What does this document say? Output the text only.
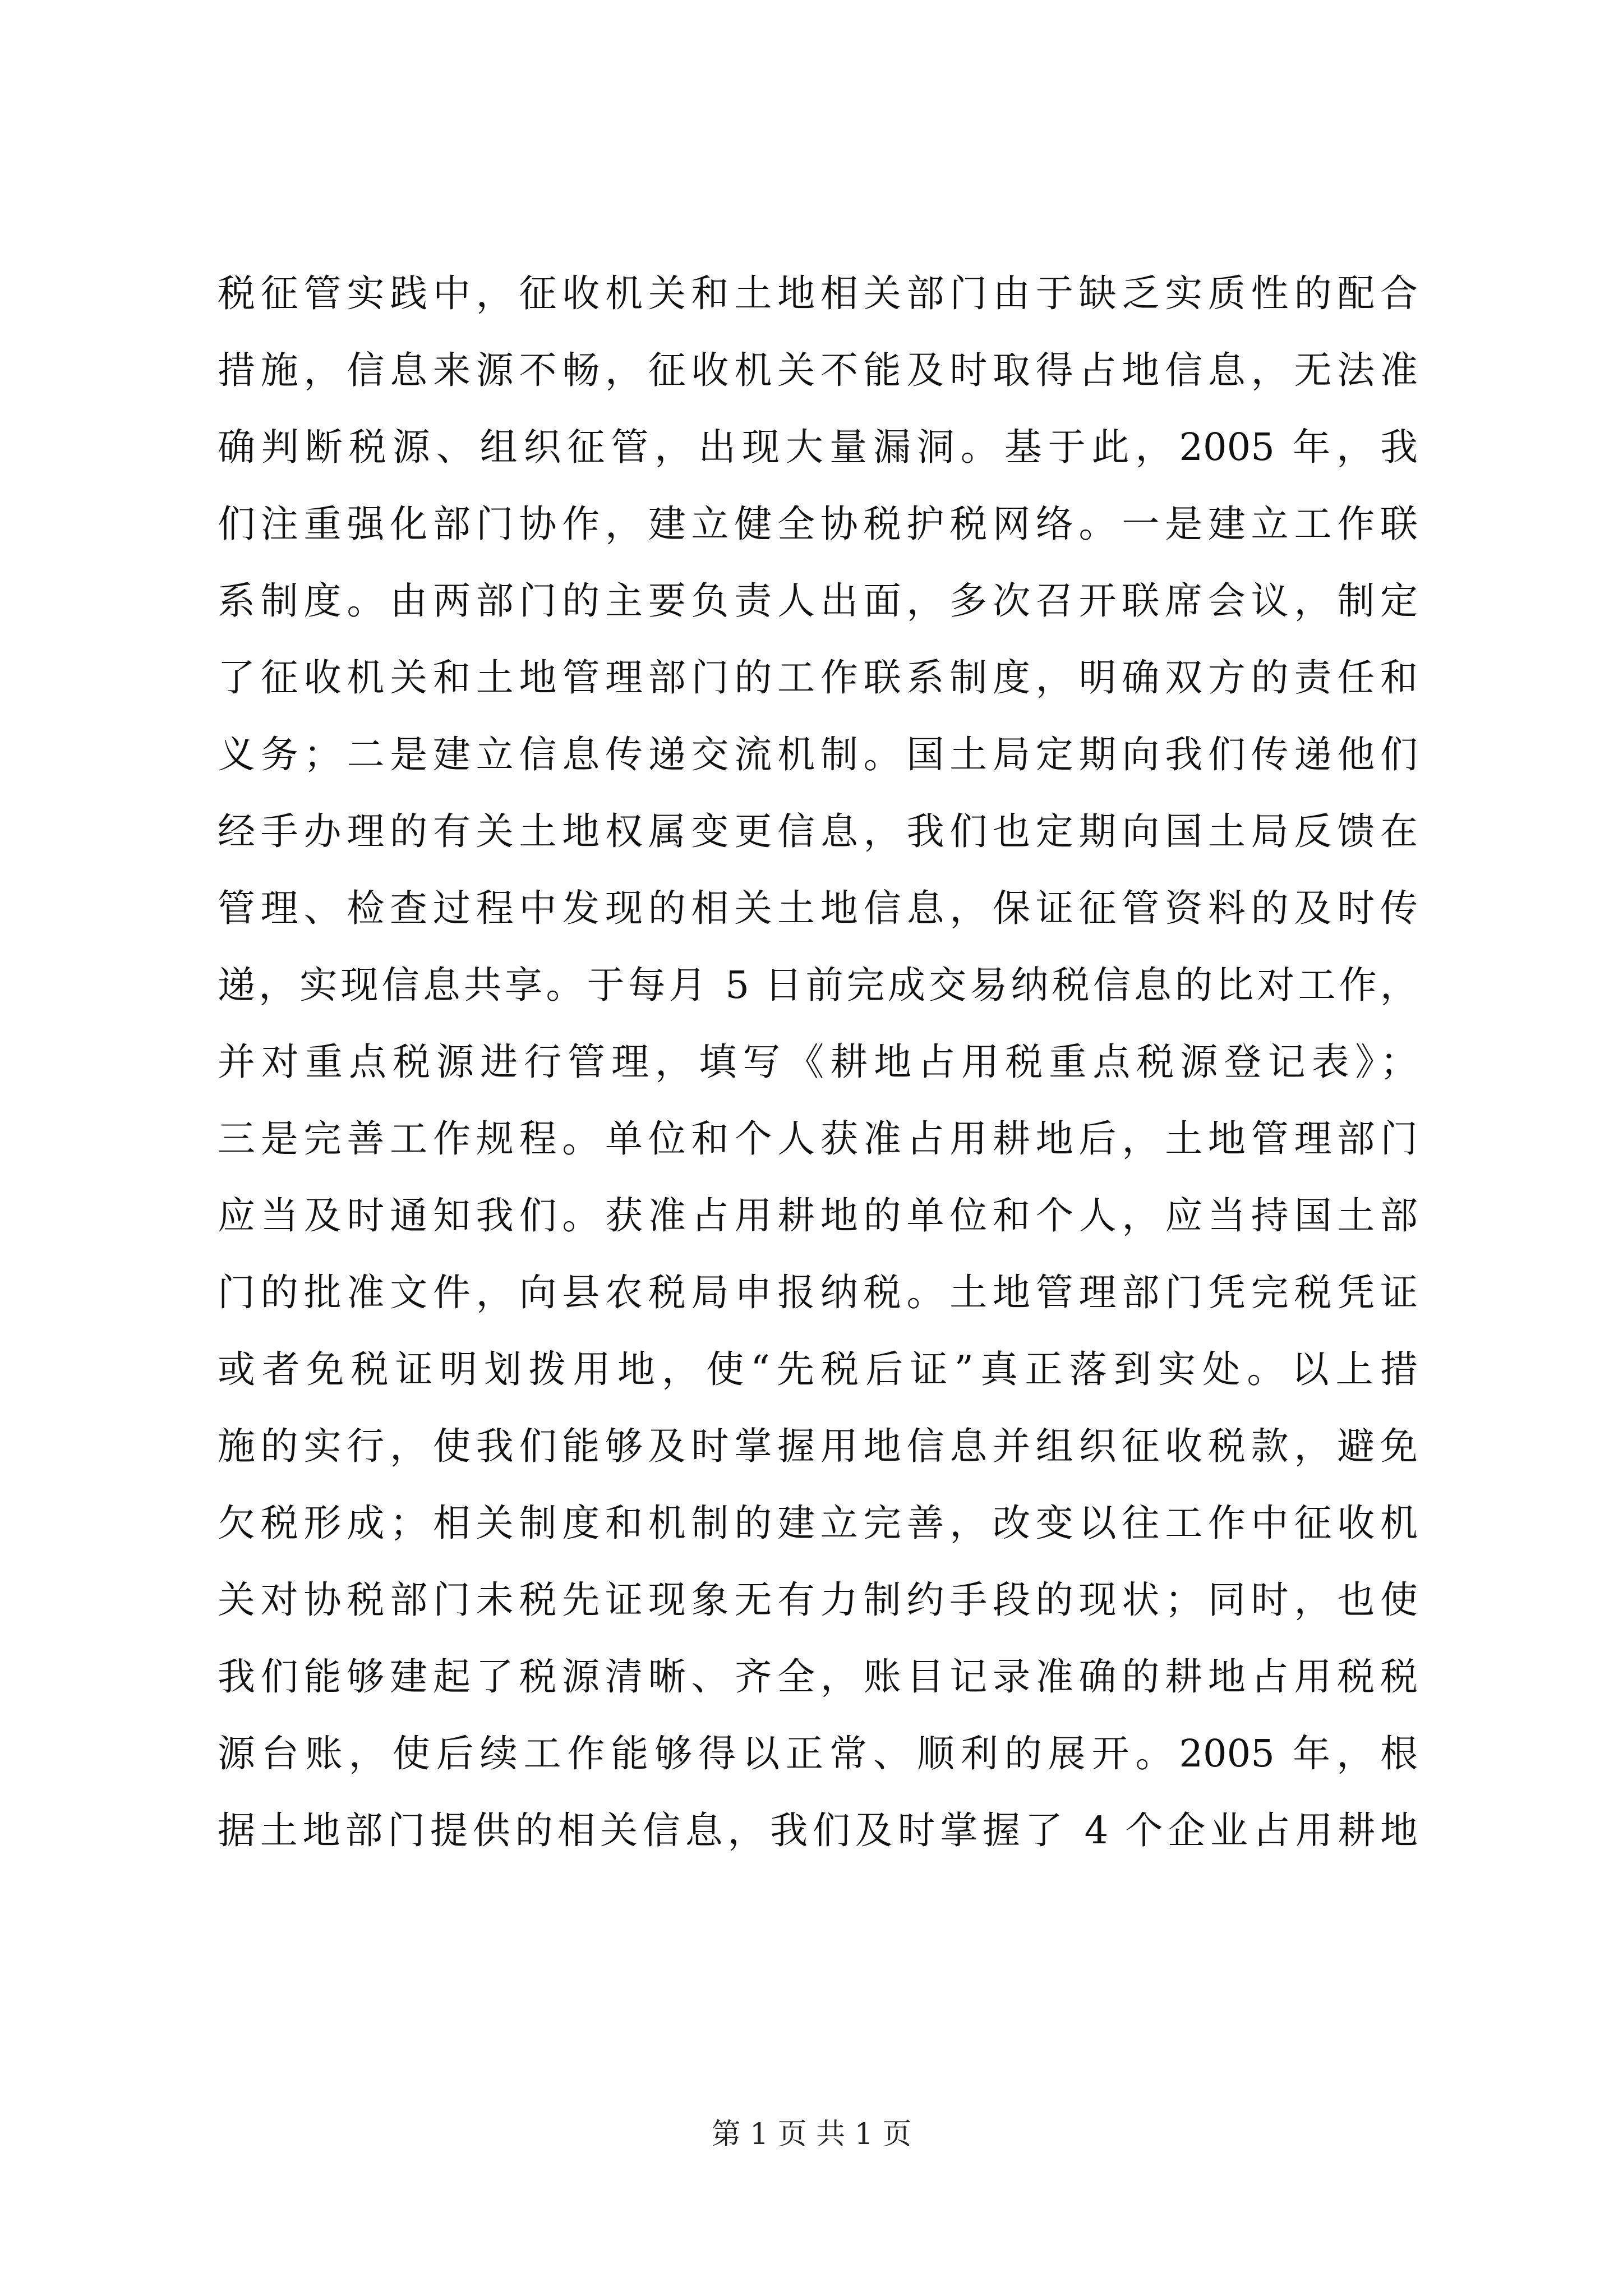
税征管实践中，征收机关和土地相关部门由于缺乏实质性的配合
措施，信息来源不畅，征收机关不能及时取得占地信息，无法准
确判断税源、组织征管，出现大量漏洞。基于此，2005 年，我
们注重强化部门协作，建立健全协税护税网络。一是建立工作联
系制度。由两部门的主要负责人出面，多次召开联席会议，制定
了征收机关和土地管理部门的工作联系制度，明确双方的责任和
义务；二是建立信息传递交流机制。国土局定期向我们传递他们
经手办理的有关土地权属变更信息，我们也定期向国土局反馈在
管理、检查过程中发现的相关土地信息，保证征管资料的及时传
递，实现信息共享。于每月 5 日前完成交易纳税信息的比对工作，
并对重点税源进行管理，填写《耕地占用税重点税源登记表》；
三是完善工作规程。单位和个人获准占用耕地后，土地管理部门
应当及时通知我们。获准占用耕地的单位和个人，应当持国土部
门的批准文件，向县农税局申报纳税。土地管理部门凭完税凭证
或者免税证明划拨用地，使“先税后证”真正落到实处。以上措
施的实行，使我们能够及时掌握用地信息并组织征收税款，避免
欠税形成；相关制度和机制的建立完善，改变以往工作中征收机
关对协税部门未税先证现象无有力制约手段的现状；同时，也使
我们能够建起了税源清晰、齐全，账目记录准确的耕地占用税税
源台账，使后续工作能够得以正常、顺利的展开。2005 年，根
据土地部门提供的相关信息，我们及时掌握了 4 个企业占用耕地
第 1 页 共 1 页
